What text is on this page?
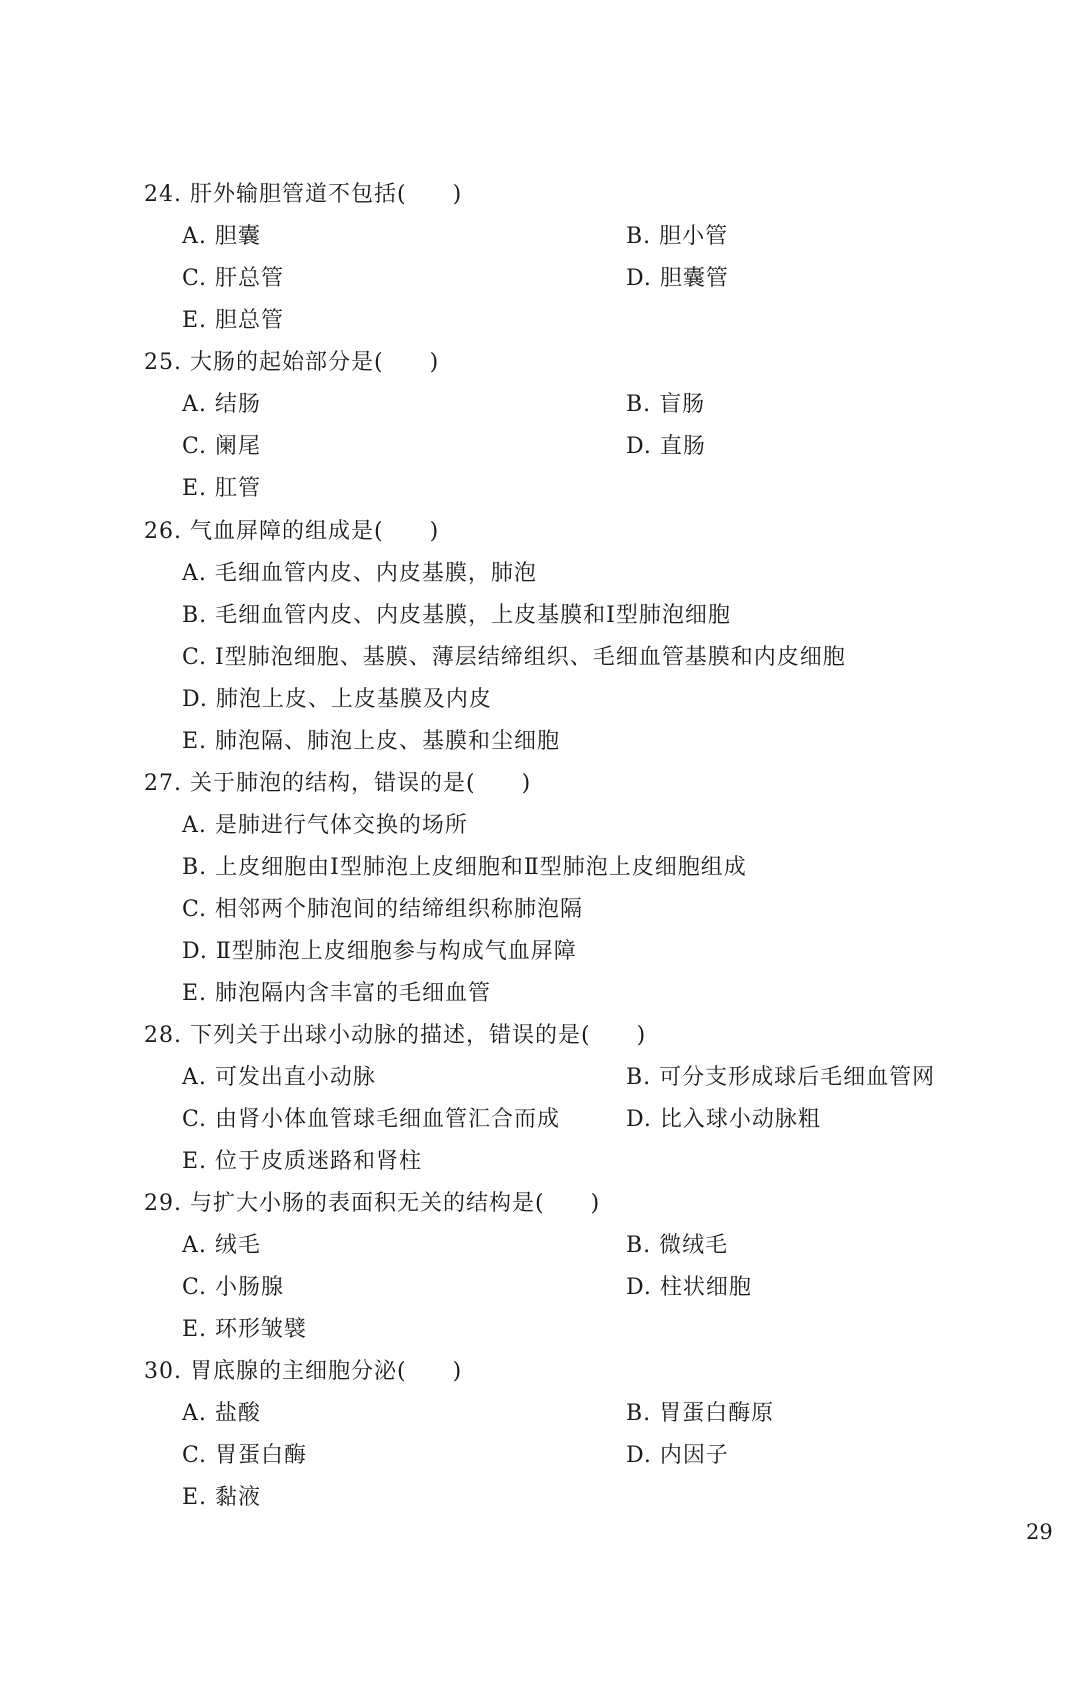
24. 肝外输胆管道不包括(　　)
A. 胆囊	B. 胆小管
C. 肝总管	D. 胆囊管
E. 胆总管
25. 大肠的起始部分是(　　)
A. 结肠	B. 盲肠
C. 阑尾	D. 直肠
E. 肛管
26. 气血屏障的组成是(　　)
A. 毛细血管内皮、内皮基膜，肺泡
B. 毛细血管内皮、内皮基膜，上皮基膜和Ⅰ型肺泡细胞
C. Ⅰ型肺泡细胞、基膜、薄层结缔组织、毛细血管基膜和内皮细胞
D. 肺泡上皮、上皮基膜及内皮
E. 肺泡隔、肺泡上皮、基膜和尘细胞
27. 关于肺泡的结构，错误的是(　　)
A. 是肺进行气体交换的场所
B. 上皮细胞由Ⅰ型肺泡上皮细胞和Ⅱ型肺泡上皮细胞组成
C. 相邻两个肺泡间的结缔组织称肺泡隔
D. Ⅱ型肺泡上皮细胞参与构成气血屏障
E. 肺泡隔内含丰富的毛细血管
28. 下列关于出球小动脉的描述，错误的是(　　)
A. 可发出直小动脉	B. 可分支形成球后毛细血管网
C. 由肾小体血管球毛细血管汇合而成	D. 比入球小动脉粗
E. 位于皮质迷路和肾柱
29. 与扩大小肠的表面积无关的结构是(　　)
A. 绒毛	B. 微绒毛
C. 小肠腺	D. 柱状细胞
E. 环形皱襞
30. 胃底腺的主细胞分泌(　　)
A. 盐酸	B. 胃蛋白酶原
C. 胃蛋白酶	D. 内因子
E. 黏液
29
